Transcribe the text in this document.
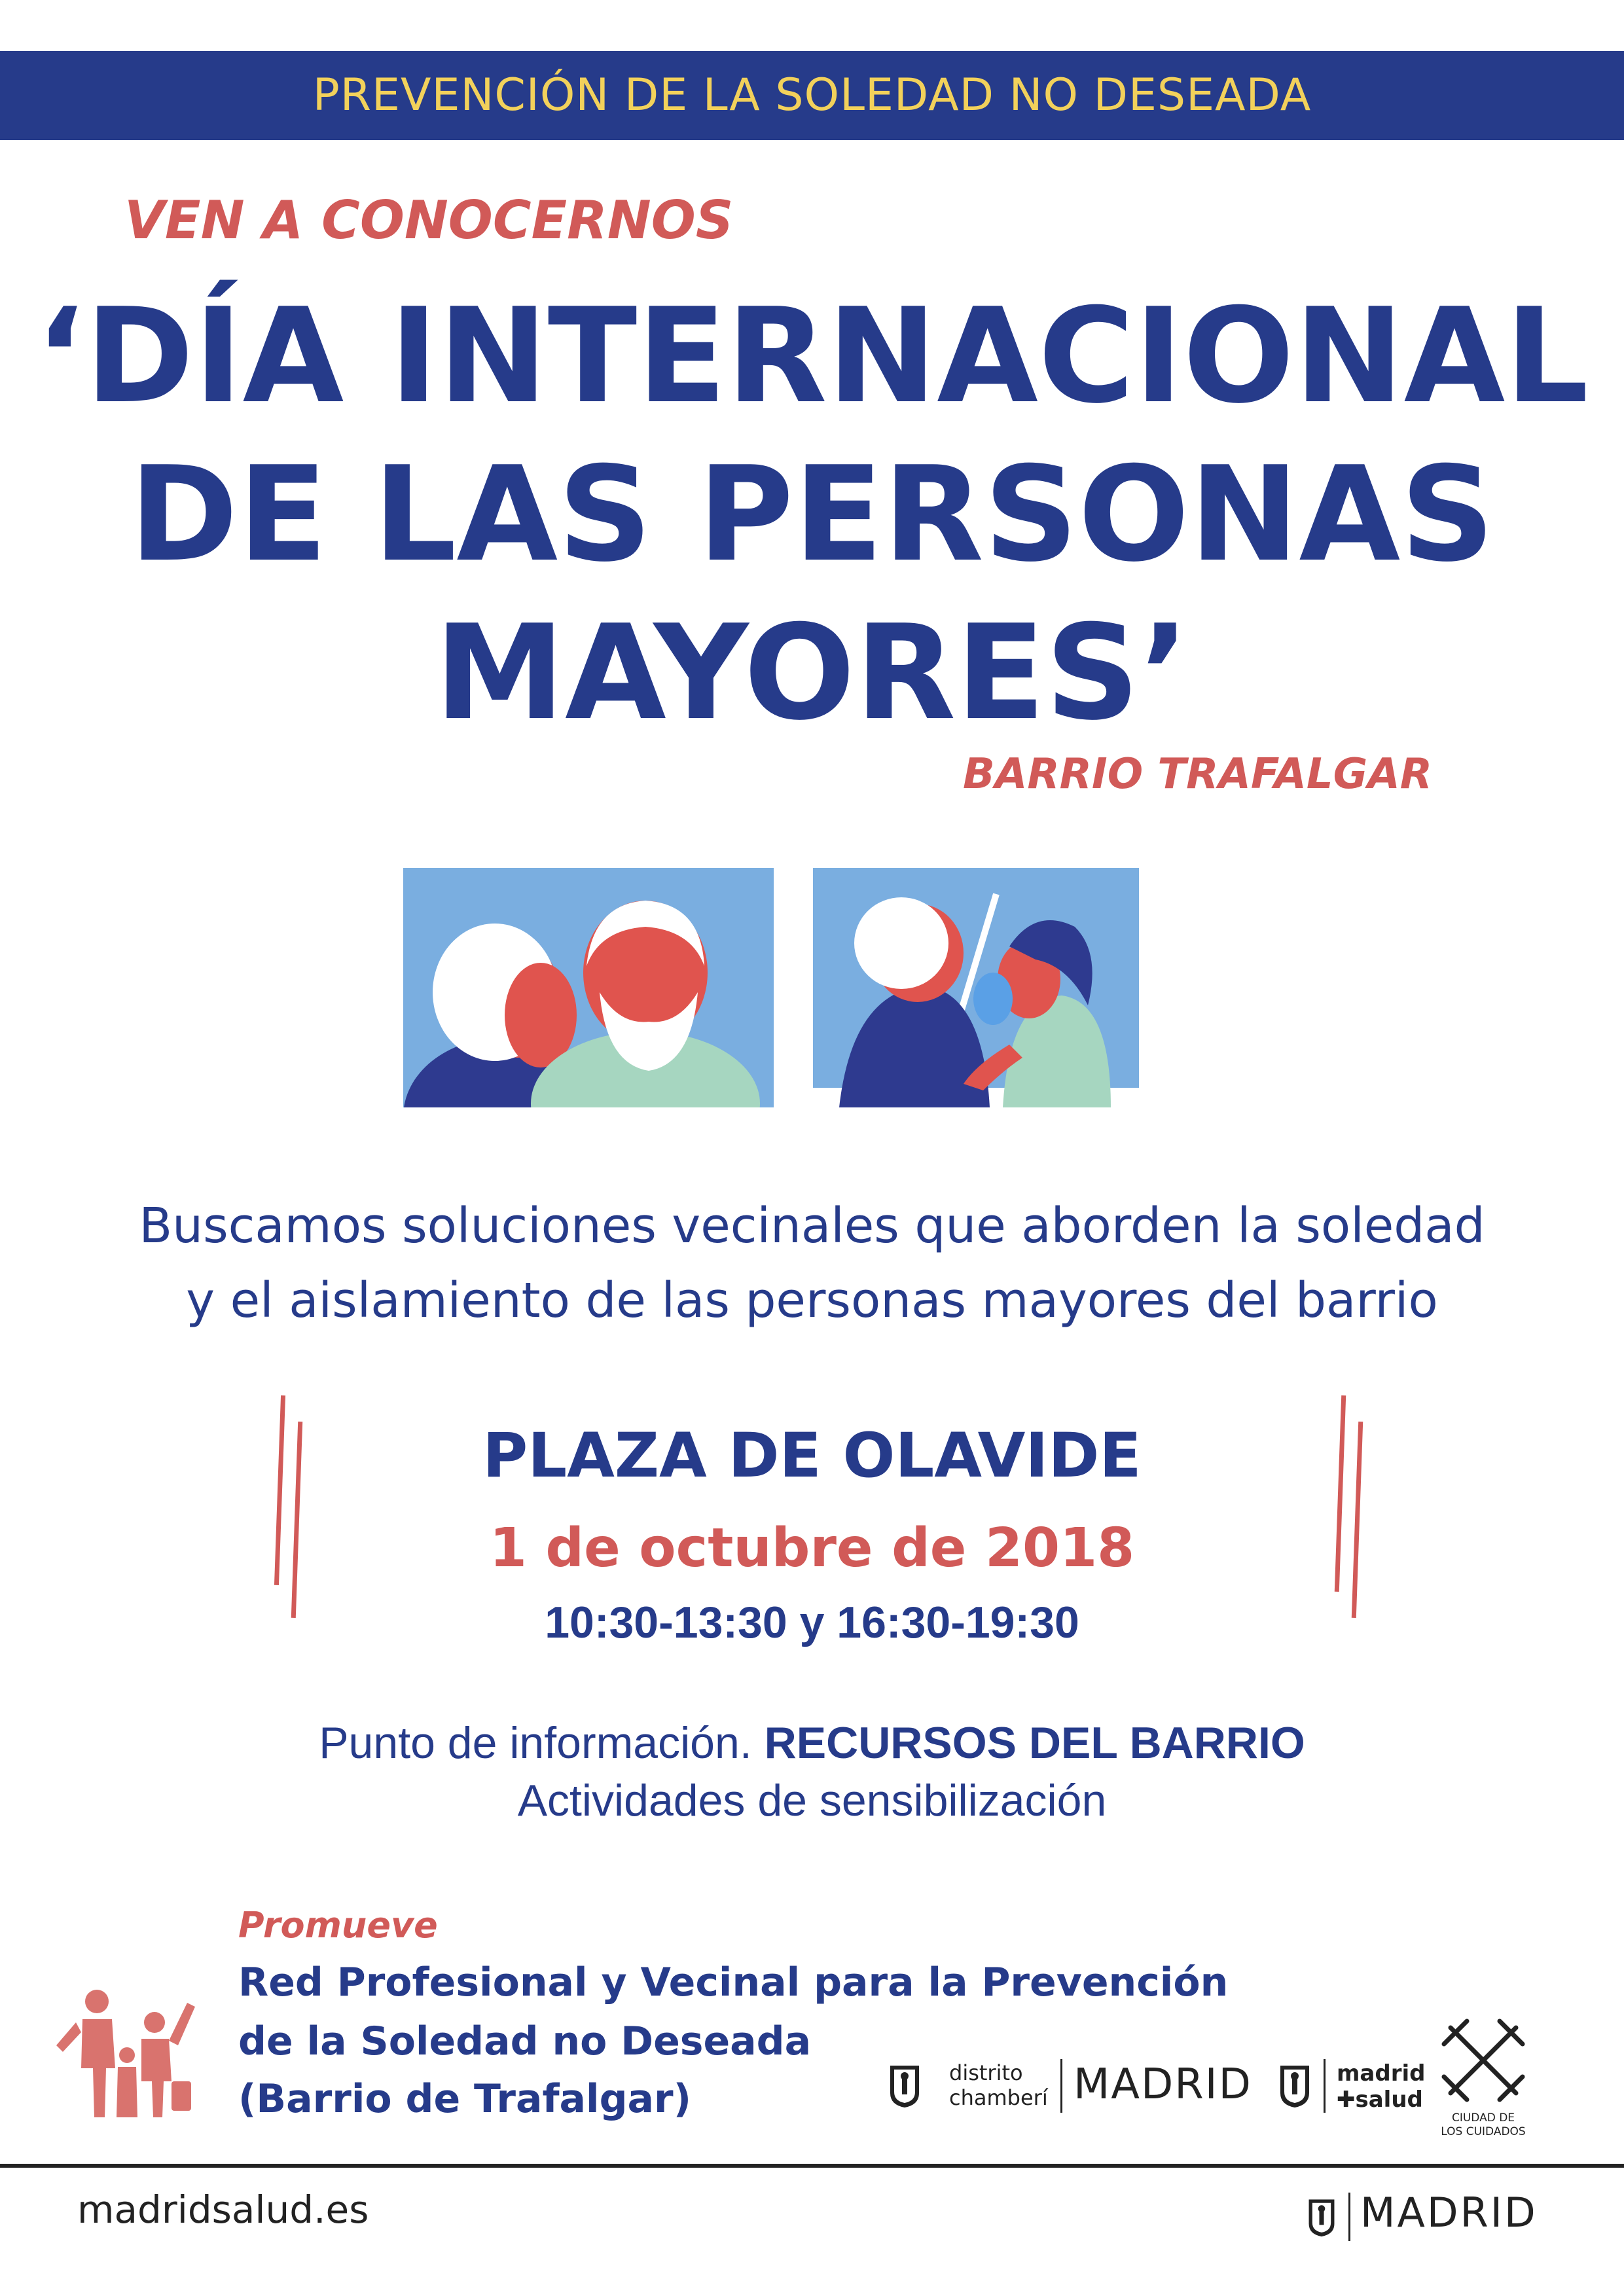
PREVENCIÓN DE LA SOLEDAD NO DESEADA
VEN A CONOCERNOS
‘DÍA INTERNACIONAL
DE LAS PERSONAS
MAYORES’
BARRIO TRAFALGAR
Buscamos soluciones vecinales que aborden la soledad
y el aislamiento de las personas mayores del barrio
PLAZA DE OLAVIDE
1 de octubre de 2018
10:30-13:30 y 16:30-19:30
Punto de información. RECURSOS DEL BARRIO
Actividades de sensibilización
Promueve
Red Profesional y Vecinal para la Prevención
de la Soledad no Deseada
(Barrio de Trafalgar)
distrito
chamberí MADRID	madrid
✚salud
CIUDAD DE
LOS CUIDADOS
madridsalud.es	MADRID
